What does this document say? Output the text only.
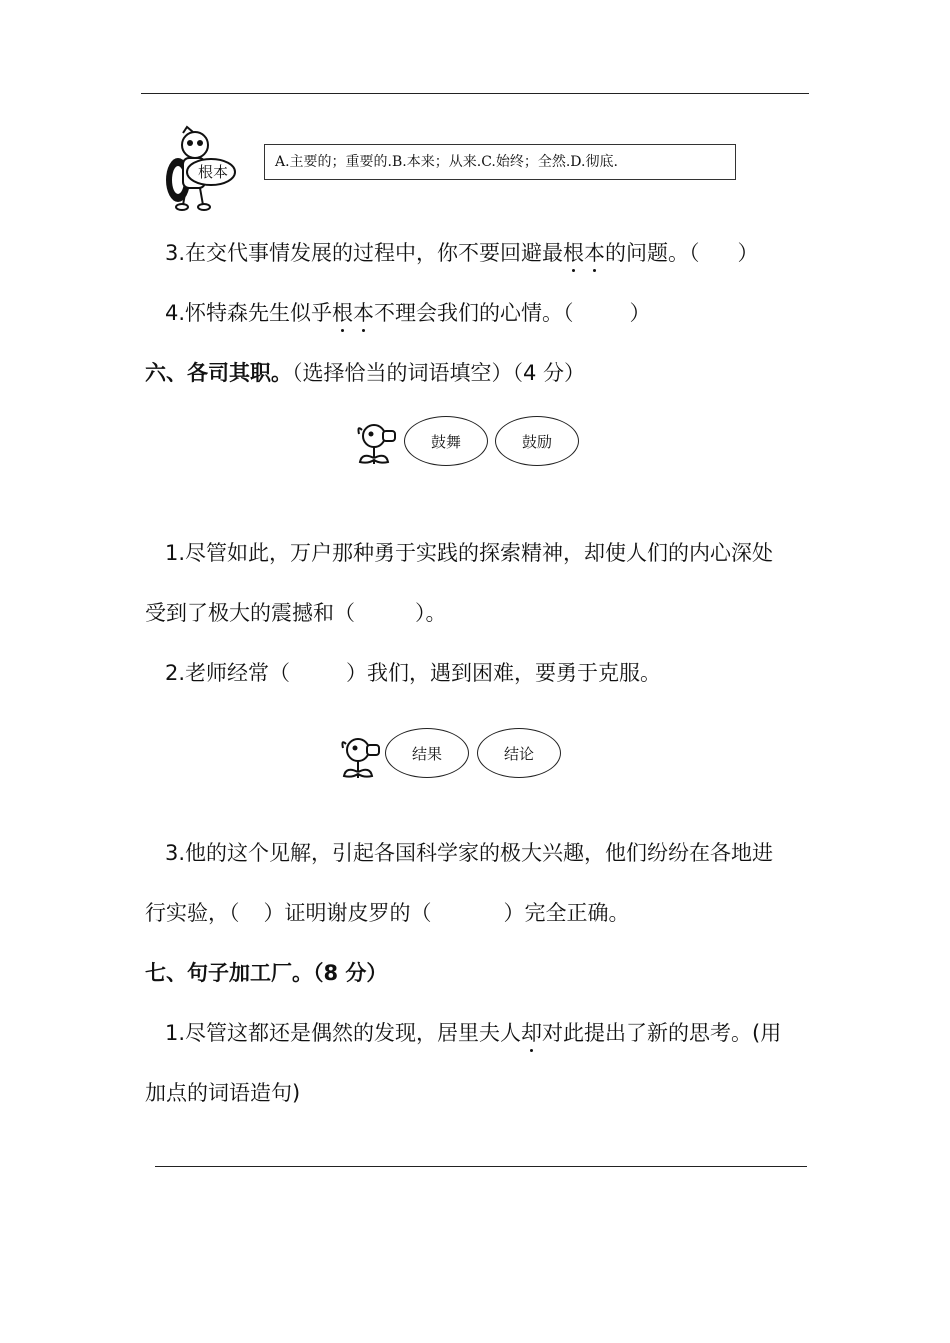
根本
A.主要的；重要的.B.本来；从来.C.始终；全然.D.彻底.
3.在交代事情发展的过程中，你不要回避最根本的问题。（ ）
4.怀特森先生似乎根本不理会我们的心情。（	）
六、各司其职。（选择恰当的词语填空）（4 分）
鼓舞	鼓励
1.尽管如此，万户那种勇于实践的探索精神，却使人们的内心深处
受到了极大的震撼和（	）。
2.老师经常（	）我们，遇到困难，要勇于克服。
结果	结论
3.他的这个见解，引起各国科学家的极大兴趣，他们纷纷在各地进
行实验，（ ）证明谢皮罗的（	）完全正确。
七、句子加工厂。（8 分）
1.尽管这都还是偶然的发现，居里夫人却对此提出了新的思考。(用
加点的词语造句)
